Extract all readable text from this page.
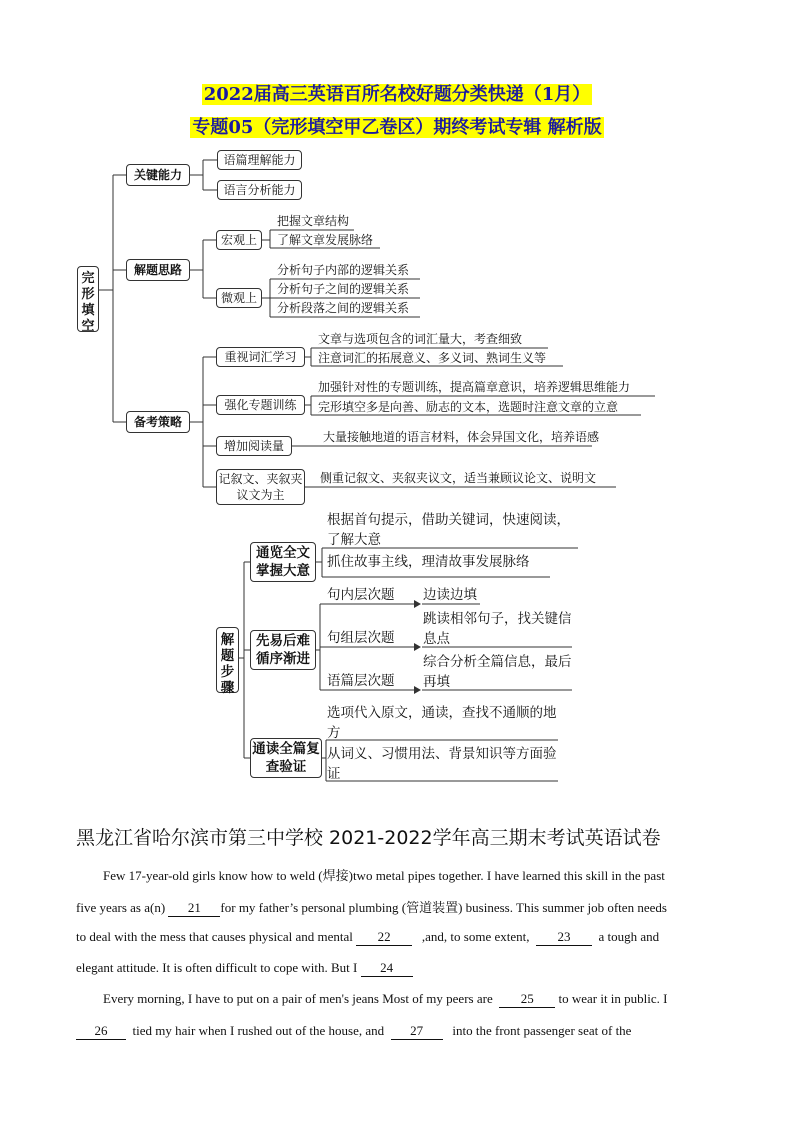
2022届高三英语百所名校好题分类快递（1月）
专题05（完形填空甲乙卷区）期终考试专辑 解析版
完形填空
关键能力
语篇理解能力
语言分析能力
解题思路
宏观上
把握文章结构
了解文章发展脉络
微观上
分析句子内部的逻辑关系
分析句子之间的逻辑关系
分析段落之间的逻辑关系
备考策略
重视词汇学习
文章与选项包含的词汇量大，考查细致
注意词汇的拓展意义、多义词、熟词生义等
强化专题训练
加强针对性的专题训练，提高篇章意识，培养逻辑思维能力
完形填空多是向善、励志的文本，选题时注意文章的立意
增加阅读量
大量接触地道的语言材料，体会异国文化，培养语感
记叙文、夹叙夹议文为主
侧重记叙文、夹叙夹议文，适当兼顾议论文、说明文
解题步骤
通览全文掌握大意
根据首句提示，借助关键词，快速阅读，了解大意
抓住故事主线，理清故事发展脉络
先易后难循序渐进
句内层次题 边读边填
句组层次题
跳读相邻句子，找关键信息点
语篇层次题
综合分析全篇信息，最后再填
通读全篇复查验证
选项代入原文，通读，查找不通顺的地方
从词义、习惯用法、背景知识等方面验证
黑龙江省哈尔滨市第三中学校 2021-2022学年高三期末考试英语试卷
Few 17-year-old girls know how to weld (焊接)two metal pipes together. I have learned this skill in the past
five years as a(n) 21 for my father’s personal plumbing (管道装置) business. This summer job often needs
to deal with the mess that causes physical and mental 22 ,and, to some extent, 23 a tough and
elegant attitude. It is often difficult to cope with. But I 24
Every morning, I have to put on a pair of men's jeans Most of my peers are 25 to wear it in public. I
26 tied my hair when I rushed out of the house, and 27 into the front passenger seat of the
